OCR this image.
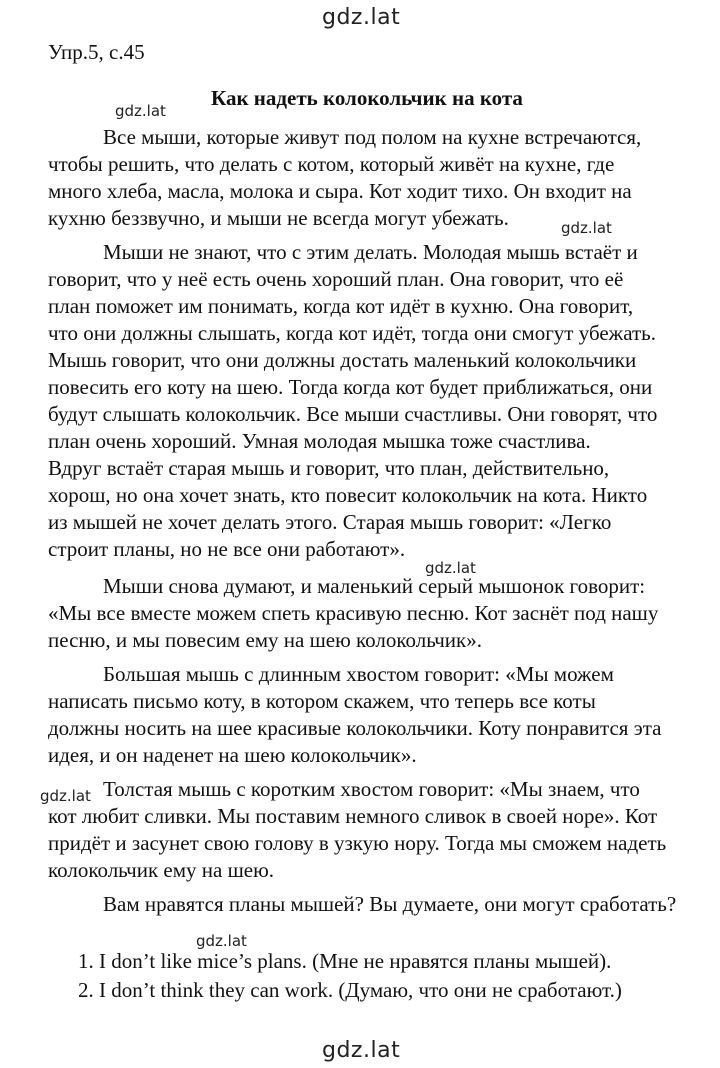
gdz.lat
gdz.lat
gdz.lat
gdz.lat
gdz.lat
gdz.lat
gdz.lat
Упр.5, с.45
Как надеть колокольчик на кота
Все мыши, которые живут под полом на кухне встречаются,
чтобы решить, что делать с котом, который живёт на кухне, где
много хлеба, масла, молока и сыра. Кот ходит тихо. Он входит на
кухню беззвучно, и мыши не всегда могут убежать.
Мыши не знают, что с этим делать. Молодая мышь встаёт и
говорит, что у неё есть очень хороший план. Она говорит, что её
план поможет им понимать, когда кот идёт в кухню. Она говорит,
что они должны слышать, когда кот идёт, тогда они смогут убежать.
Мышь говорит, что они должны достать маленький колокольчики
повесить его коту на шею. Тогда когда кот будет приближаться, они
будут слышать колокольчик. Все мыши счастливы. Они говорят, что
план очень хороший. Умная молодая мышка тоже счастлива.
Вдруг встаёт старая мышь и говорит, что план, действительно,
хорош, но она хочет знать, кто повесит колокольчик на кота. Никто
из мышей не хочет делать этого. Старая мышь говорит: «Легко
строит планы, но не все они работают».
Мыши снова думают, и маленький серый мышонок говорит:
«Мы все вместе можем спеть красивую песню. Кот заснёт под нашу
песню, и мы повесим ему на шею колокольчик».
Большая мышь с длинным хвостом говорит: «Мы можем
написать письмо коту, в котором скажем, что теперь все коты
должны носить на шее красивые колокольчики. Коту понравится эта
идея, и он наденет на шею колокольчик».
Толстая мышь с коротким хвостом говорит: «Мы знаем, что
кот любит сливки. Мы поставим немного сливок в своей норе». Кот
придёт и засунет свою голову в узкую нору. Тогда мы сможем надеть
колокольчик ему на шею.
Вам нравятся планы мышей? Вы думаете, они могут сработать?
1. I don’t like mice’s plans. (Мне не нравятся планы мышей).
2. I don’t think they can work. (Думаю, что они не сработают.)
